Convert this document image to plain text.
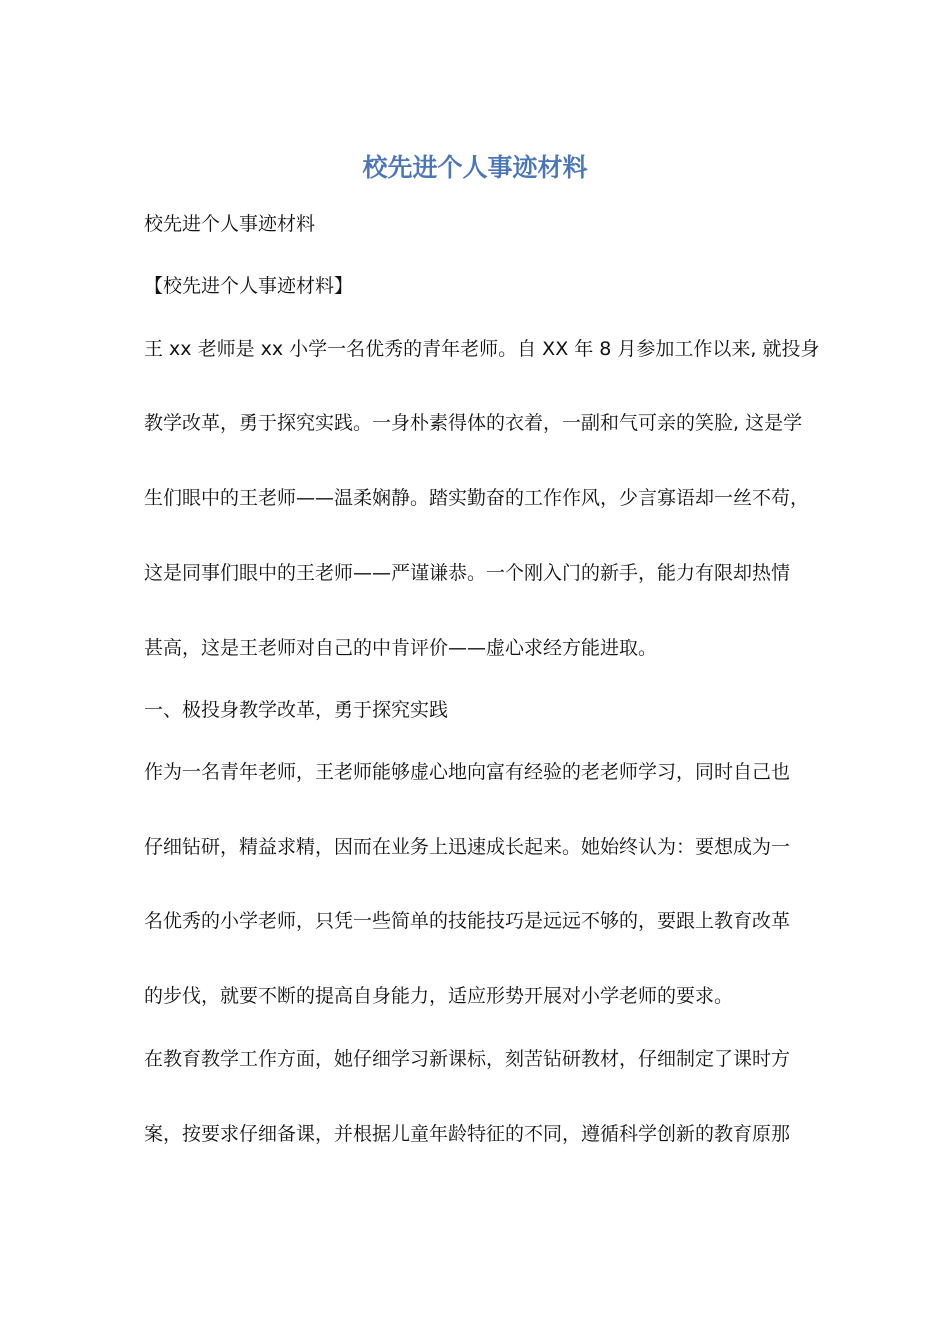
校先进个人事迹材料
校先进个人事迹材料
【校先进个人事迹材料】
王 xx 老师是 xx 小学一名优秀的青年老师。自 XX 年 8 月参加工作以来, 就投身
教学改革，勇于探究实践。一身朴素得体的衣着，一副和气可亲的笑脸, 这是学
生们眼中的王老师——温柔娴静。踏实勤奋的工作作风，少言寡语却一丝不苟，
这是同事们眼中的王老师——严谨谦恭。一个刚入门的新手，能力有限却热情
甚高，这是王老师对自己的中肯评价——虚心求经方能进取。
一、极投身教学改革，勇于探究实践
作为一名青年老师，王老师能够虚心地向富有经验的老老师学习，同时自己也
仔细钻研，精益求精，因而在业务上迅速成长起来。她始终认为：要想成为一
名优秀的小学老师，只凭一些简单的技能技巧是远远不够的，要跟上教育改革
的步伐，就要不断的提高自身能力，适应形势开展对小学老师的要求。
在教育教学工作方面，她仔细学习新课标，刻苦钻研教材，仔细制定了课时方
案，按要求仔细备课，并根据儿童年龄特征的不同，遵循科学创新的教育原那
